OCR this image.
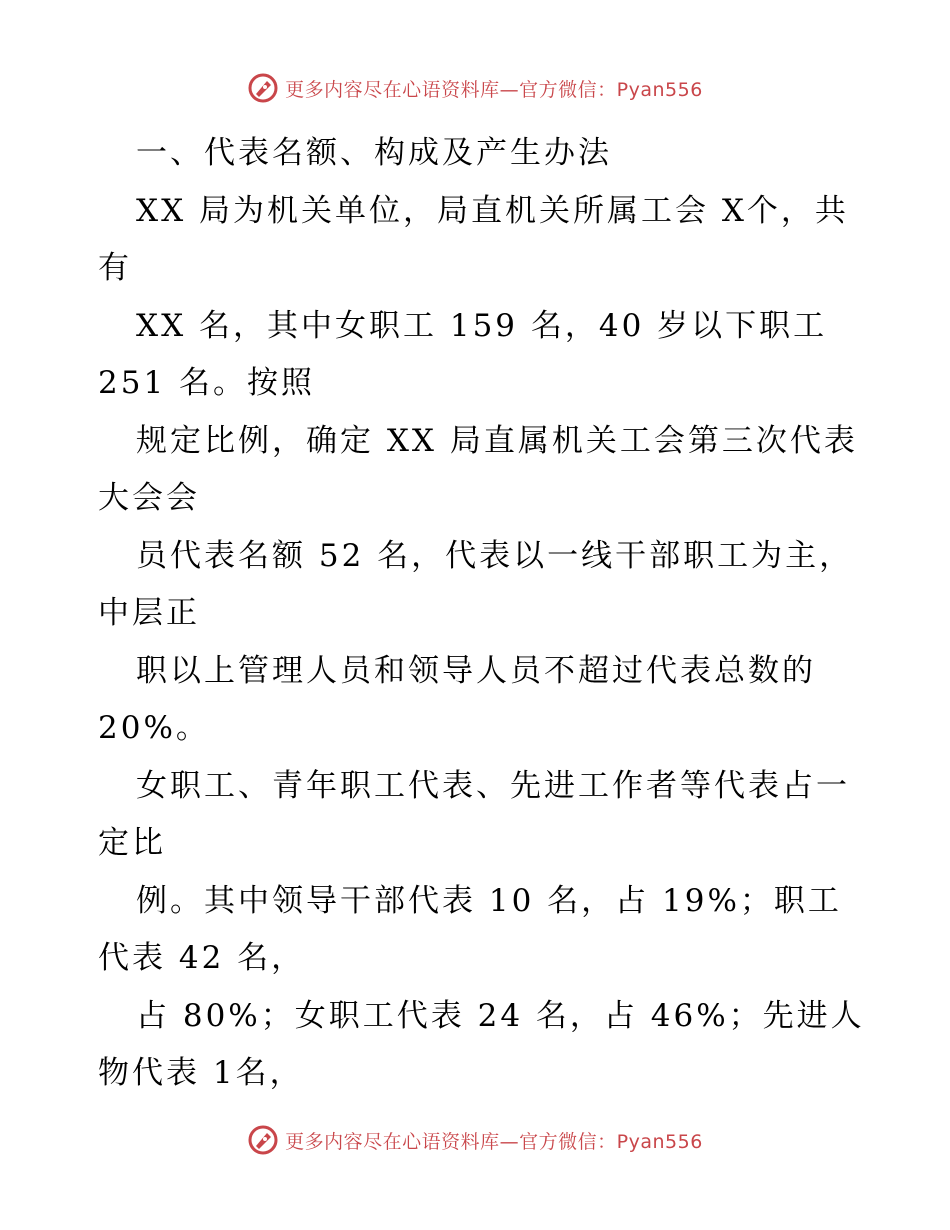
更多内容尽在心语资料库—官方微信：Pyan556
一、代表名额、构成及产生办法
XX 局为机关单位，局直机关所属工会 X个，共
有
XX 名，其中女职工 159 名，40 岁以下职工
251 名。按照
规定比例，确定 XX 局直属机关工会第三次代表
大会会
员代表名额 52 名，代表以一线干部职工为主，
中层正
职以上管理人员和领导人员不超过代表总数的
20%。
女职工、青年职工代表、先进工作者等代表占一
定比
例。其中领导干部代表 10 名，占 19%；职工
代表 42 名，
占 80%；女职工代表 24 名，占 46%；先进人
物代表 1名，
更多内容尽在心语资料库—官方微信：Pyan556
